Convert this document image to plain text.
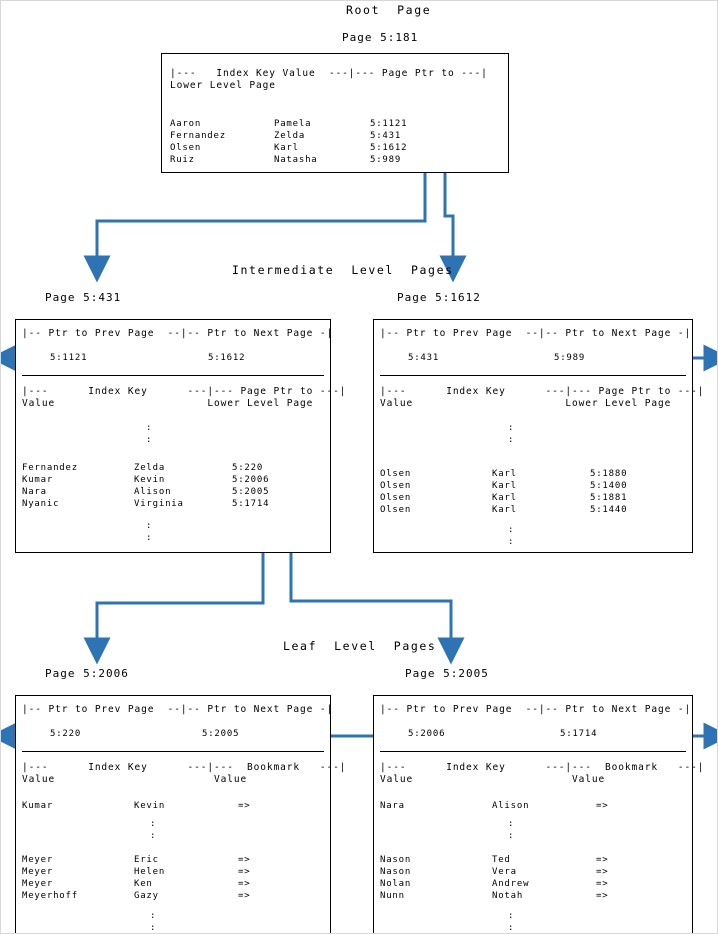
Root  Page
Intermediate  Level  Pages
Leaf  Level  Pages
Page 5:181
|---   Index Key Value  ---|--- Page Ptr to ---|
Lower Level Page
Aaron	Pamela	5:1121
Fernandez	Zelda	5:431
Olsen	Karl	5:1612
Ruiz	Natasha	5:989
Page 5:431
|-- Ptr to Prev Page  --|-- Ptr to Next Page -|
5:1121	5:1612
|---      Index Key      ---|--- Page Ptr to ---|
Value                       Lower Level Page
:
:
Fernandez	Zelda	5:220
Kumar	Kevin	5:2006
Nara	Alison	5:2005
Nyanic	Virginia	5:1714
:
:
Page 5:1612
|-- Ptr to Prev Page  --|-- Ptr to Next Page -|
5:431	5:989
|---      Index Key      ---|--- Page Ptr to ---|
Value                       Lower Level Page
:
:
Olsen	Karl	5:1880
Olsen	Karl	5:1400
Olsen	Karl	5:1881
Olsen	Karl	5:1440
:
:
Page 5:2006
|-- Ptr to Prev Page  --|-- Ptr to Next Page -|
5:220	5:2005
|---      Index Key      ---|---  Bookmark   ---|
Value                        Value
Kumar	Kevin	=>
:
:
Meyer	Eric	=>
Meyer	Helen	=>
Meyer	Ken	=>
Meyerhoff	Gazy	=>
:
:
Page 5:2005
|-- Ptr to Prev Page  --|-- Ptr to Next Page -|
5:2006	5:1714
|---      Index Key      ---|---  Bookmark   ---|
Value                        Value
Nara	Alison	=>
:
:
Nason	Ted	=>
Nason	Vera	=>
Nolan	Andrew	=>
Nunn	Notah	=>
:
:
